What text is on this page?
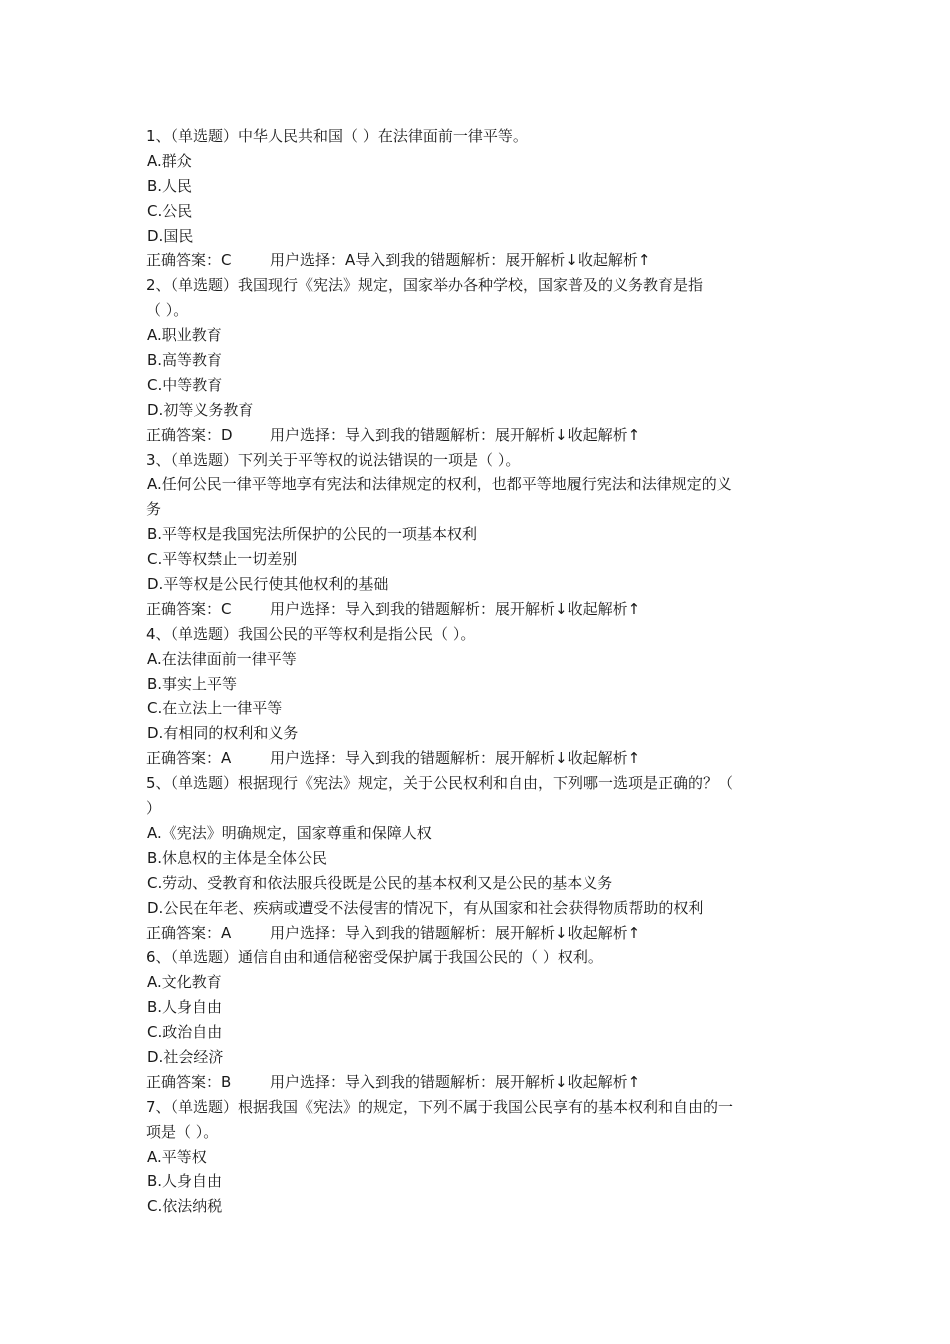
1、（单选题）中华人民共和国（ ）在法律面前一律平等。
A.群众
B.人民
C.公民
D.国民
正确答案：C	用户选择：A 导入到我的错题解析：展开解析↓收起解析↑
2、（单选题）我国现行《宪法》规定，国家举办各种学校，国家普及的义务教育是指
（ ）。
A.职业教育
B.高等教育
C.中等教育
D.初等义务教育
正确答案：D	用户选择： 导入到我的错题解析：展开解析↓收起解析↑
3、（单选题）下列关于平等权的说法错误的一项是（ ）。
A.任何公民一律平等地享有宪法和法律规定的权利，也都平等地履行宪法和法律规定的义
务
B.平等权是我国宪法所保护的公民的一项基本权利
C.平等权禁止一切差别
D.平等权是公民行使其他权利的基础
正确答案：C	用户选择： 导入到我的错题解析：展开解析↓收起解析↑
4、（单选题）我国公民的平等权利是指公民（ ）。
A.在法律面前一律平等
B.事实上平等
C.在立法上一律平等
D.有相同的权利和义务
正确答案：A	用户选择： 导入到我的错题解析：展开解析↓收起解析↑
5、（单选题）根据现行《宪法》规定，关于公民权利和自由，下列哪一选项是正确的？（
）
A.《宪法》明确规定，国家尊重和保障人权
B.休息权的主体是全体公民
C.劳动、受教育和依法服兵役既是公民的基本权利又是公民的基本义务
D.公民在年老、疾病或遭受不法侵害的情况下，有从国家和社会获得物质帮助的权利
正确答案：A	用户选择： 导入到我的错题解析：展开解析↓收起解析↑
6、（单选题）通信自由和通信秘密受保护属于我国公民的（ ）权利。
A.文化教育
B.人身自由
C.政治自由
D.社会经济
正确答案：B	用户选择： 导入到我的错题解析：展开解析↓收起解析↑
7、（单选题）根据我国《宪法》的规定，下列不属于我国公民享有的基本权利和自由的一
项是（ ）。
A.平等权
B.人身自由
C.依法纳税
